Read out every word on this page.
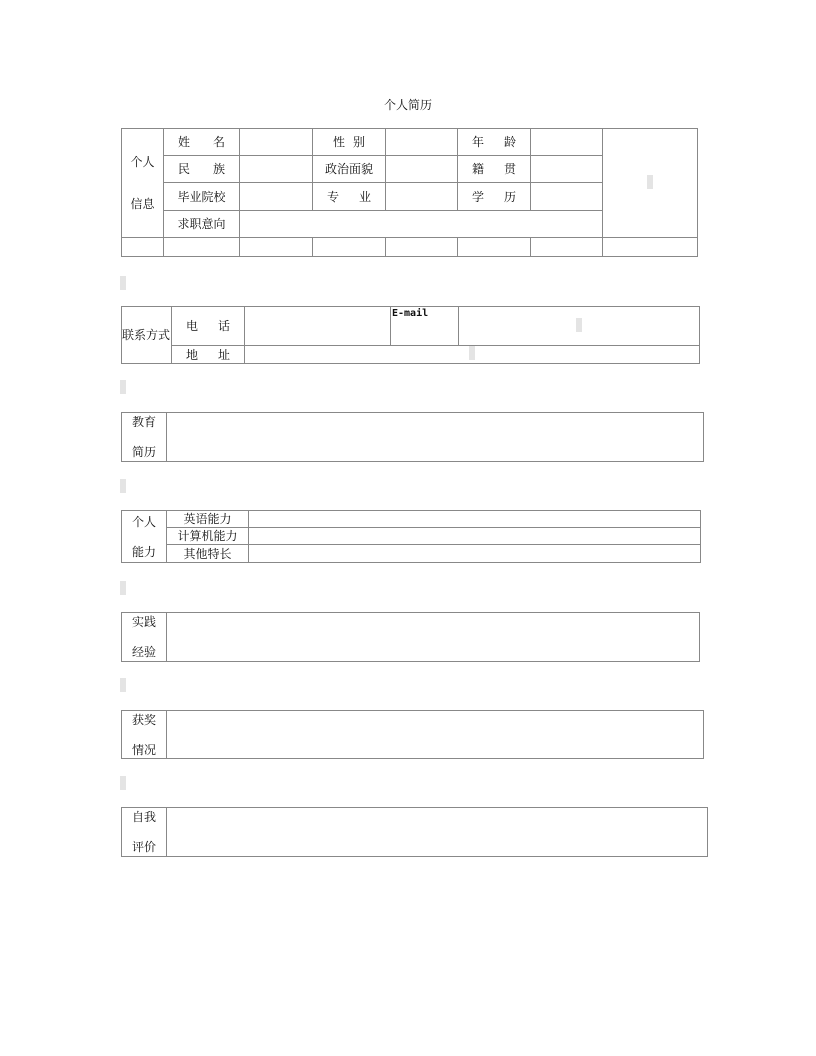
个人简历
个人
信息	姓 名		性 别		年 龄		

	民 族		政治面貌		籍 贯		

	毕业院校		专 业		学 历		

	求职意向						

联系方式	电 话		E-mail	

	地 址			

教育
简历

个人
能力	英语能力	

	计算机能力	

	其他特长	
实践
经验

获奖
情况

自我
评价
